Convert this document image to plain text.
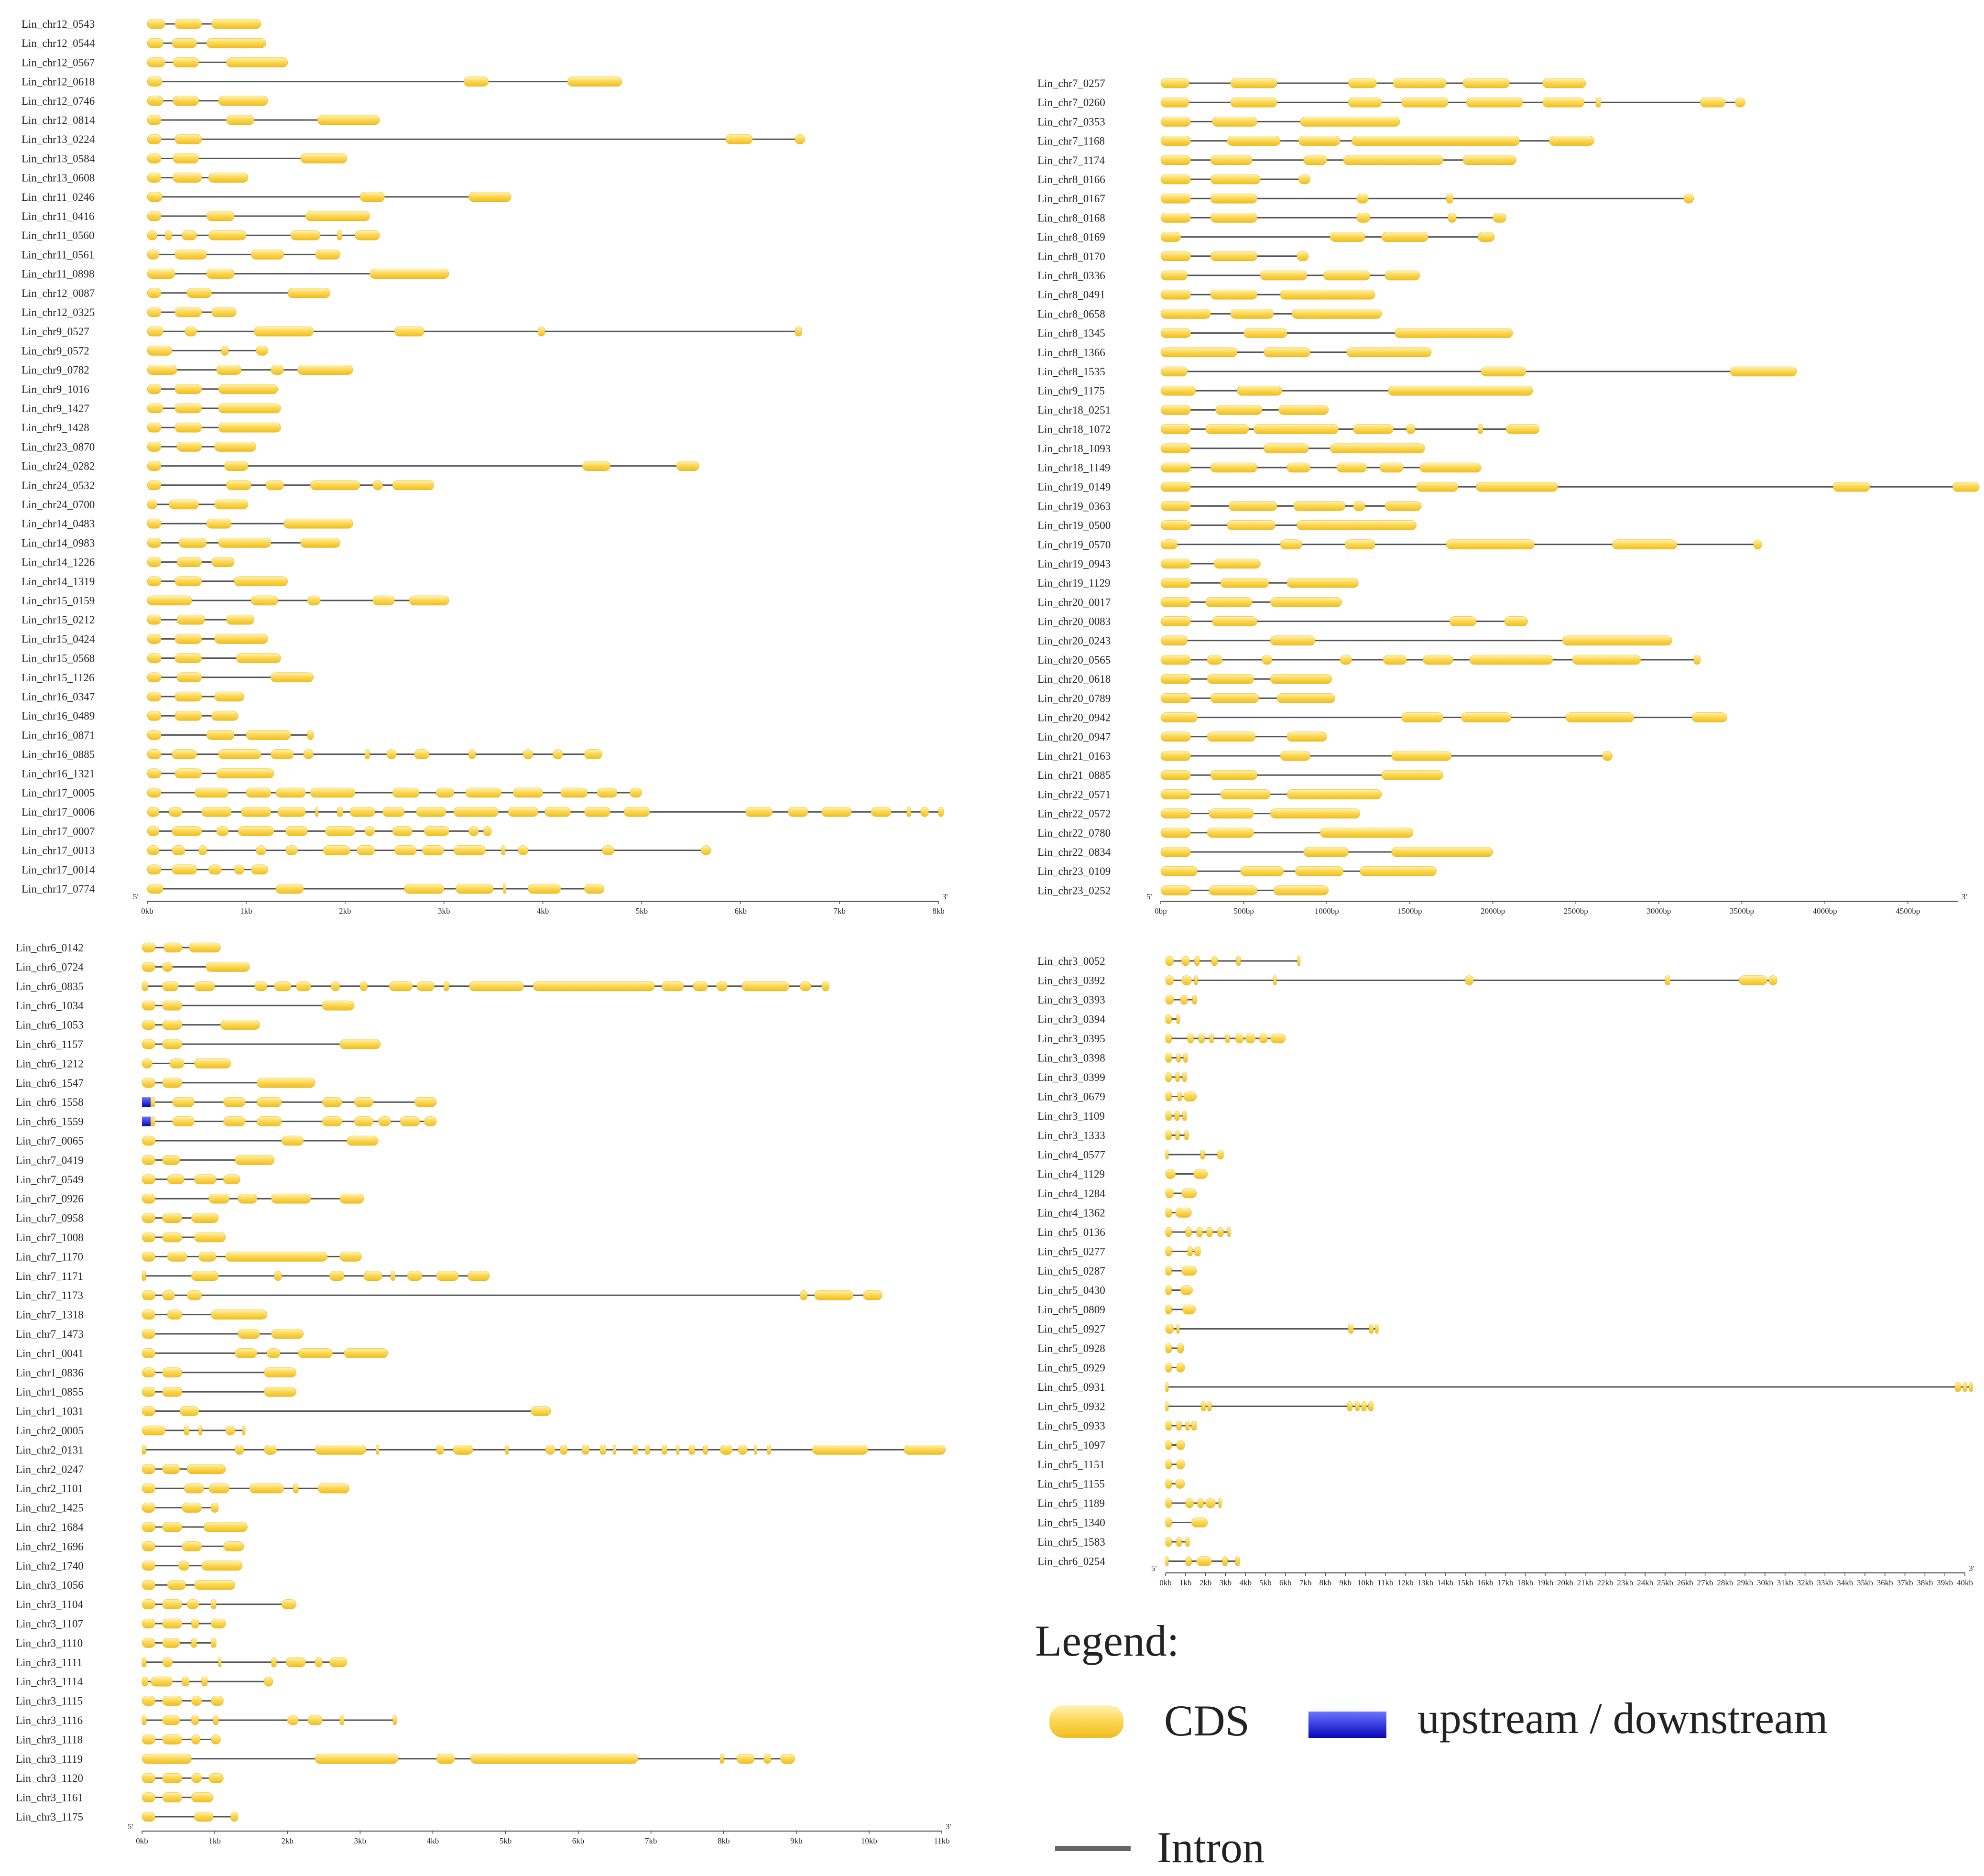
Lin_chr12_0543
Lin_chr12_0544
Lin_chr12_0567
Lin_chr12_0618
Lin_chr12_0746
Lin_chr12_0814
Lin_chr13_0224
Lin_chr13_0584
Lin_chr13_0608
Lin_chr11_0246
Lin_chr11_0416
Lin_chr11_0560
Lin_chr11_0561
Lin_chr11_0898
Lin_chr12_0087
Lin_chr12_0325
Lin_chr9_0527
Lin_chr9_0572
Lin_chr9_0782
Lin_chr9_1016
Lin_chr9_1427
Lin_chr9_1428
Lin_chr23_0870
Lin_chr24_0282
Lin_chr24_0532
Lin_chr24_0700
Lin_chr14_0483
Lin_chr14_0983
Lin_chr14_1226
Lin_chr14_1319
Lin_chr15_0159
Lin_chr15_0212
Lin_chr15_0424
Lin_chr15_0568
Lin_chr15_1126
Lin_chr16_0347
Lin_chr16_0489
Lin_chr16_0871
Lin_chr16_0885
Lin_chr16_1321
Lin_chr17_0005
Lin_chr17_0006
Lin_chr17_0007
Lin_chr17_0013
Lin_chr17_0014
Lin_chr17_0774
5'	3'
0kb	1kb	2kb	3kb	4kb	5kb	6kb	7kb	8kb
Lin_chr7_0257
Lin_chr7_0260
Lin_chr7_0353
Lin_chr7_1168
Lin_chr7_1174
Lin_chr8_0166
Lin_chr8_0167
Lin_chr8_0168
Lin_chr8_0169
Lin_chr8_0170
Lin_chr8_0336
Lin_chr8_0491
Lin_chr8_0658
Lin_chr8_1345
Lin_chr8_1366
Lin_chr8_1535
Lin_chr9_1175
Lin_chr18_0251
Lin_chr18_1072
Lin_chr18_1093
Lin_chr18_1149
Lin_chr19_0149
Lin_chr19_0363
Lin_chr19_0500
Lin_chr19_0570
Lin_chr19_0943
Lin_chr19_1129
Lin_chr20_0017
Lin_chr20_0083
Lin_chr20_0243
Lin_chr20_0565
Lin_chr20_0618
Lin_chr20_0789
Lin_chr20_0942
Lin_chr20_0947
Lin_chr21_0163
Lin_chr21_0885
Lin_chr22_0571
Lin_chr22_0572
Lin_chr22_0780
Lin_chr22_0834
Lin_chr23_0109
Lin_chr23_0252
5'	3'
0bp	500bp	1000bp	1500bp	2000bp	2500bp	3000bp	3500bp	4000bp	4500bp
Lin_chr6_0142
Lin_chr6_0724
Lin_chr6_0835
Lin_chr6_1034
Lin_chr6_1053
Lin_chr6_1157
Lin_chr6_1212
Lin_chr6_1547
Lin_chr6_1558
Lin_chr6_1559
Lin_chr7_0065
Lin_chr7_0419
Lin_chr7_0549
Lin_chr7_0926
Lin_chr7_0958
Lin_chr7_1008
Lin_chr7_1170
Lin_chr7_1171
Lin_chr7_1173
Lin_chr7_1318
Lin_chr7_1473
Lin_chr1_0041
Lin_chr1_0836
Lin_chr1_0855
Lin_chr1_1031
Lin_chr2_0005
Lin_chr2_0131
Lin_chr2_0247
Lin_chr2_1101
Lin_chr2_1425
Lin_chr2_1684
Lin_chr2_1696
Lin_chr2_1740
Lin_chr3_1056
Lin_chr3_1104
Lin_chr3_1107
Lin_chr3_1110
Lin_chr3_1111
Lin_chr3_1114
Lin_chr3_1115
Lin_chr3_1116
Lin_chr3_1118
Lin_chr3_1119
Lin_chr3_1120
Lin_chr3_1161
Lin_chr3_1175
5'	3'
0kb	1kb	2kb	3kb	4kb	5kb	6kb	7kb	8kb	9kb	10kb	11kb
Lin_chr3_0052
Lin_chr3_0392
Lin_chr3_0393
Lin_chr3_0394
Lin_chr3_0395
Lin_chr3_0398
Lin_chr3_0399
Lin_chr3_0679
Lin_chr3_1109
Lin_chr3_1333
Lin_chr4_0577
Lin_chr4_1129
Lin_chr4_1284
Lin_chr4_1362
Lin_chr5_0136
Lin_chr5_0277
Lin_chr5_0287
Lin_chr5_0430
Lin_chr5_0809
Lin_chr5_0927
Lin_chr5_0928
Lin_chr5_0929
Lin_chr5_0931
Lin_chr5_0932
Lin_chr5_0933
Lin_chr5_1097
Lin_chr5_1151
Lin_chr5_1155
Lin_chr5_1189
Lin_chr5_1340
Lin_chr5_1583
Lin_chr6_0254
5'	3'
0kb 1kb 2kb 3kb 4kb 5kb 6kb 7kb 8kb 9kb 10kb 11kb 12kb 13kb 14kb 15kb 16kb 17kb 18kb 19kb 20kb 21kb 22kb 23kb 24kb 25kb 26kb 27kb 28kb 29kb 30kb 31kb 32kb 33kb 34kb 35kb 36kb 37kb 38kb 39kb 40kb
Legend:
CDS	upstream / downstream
Intron
